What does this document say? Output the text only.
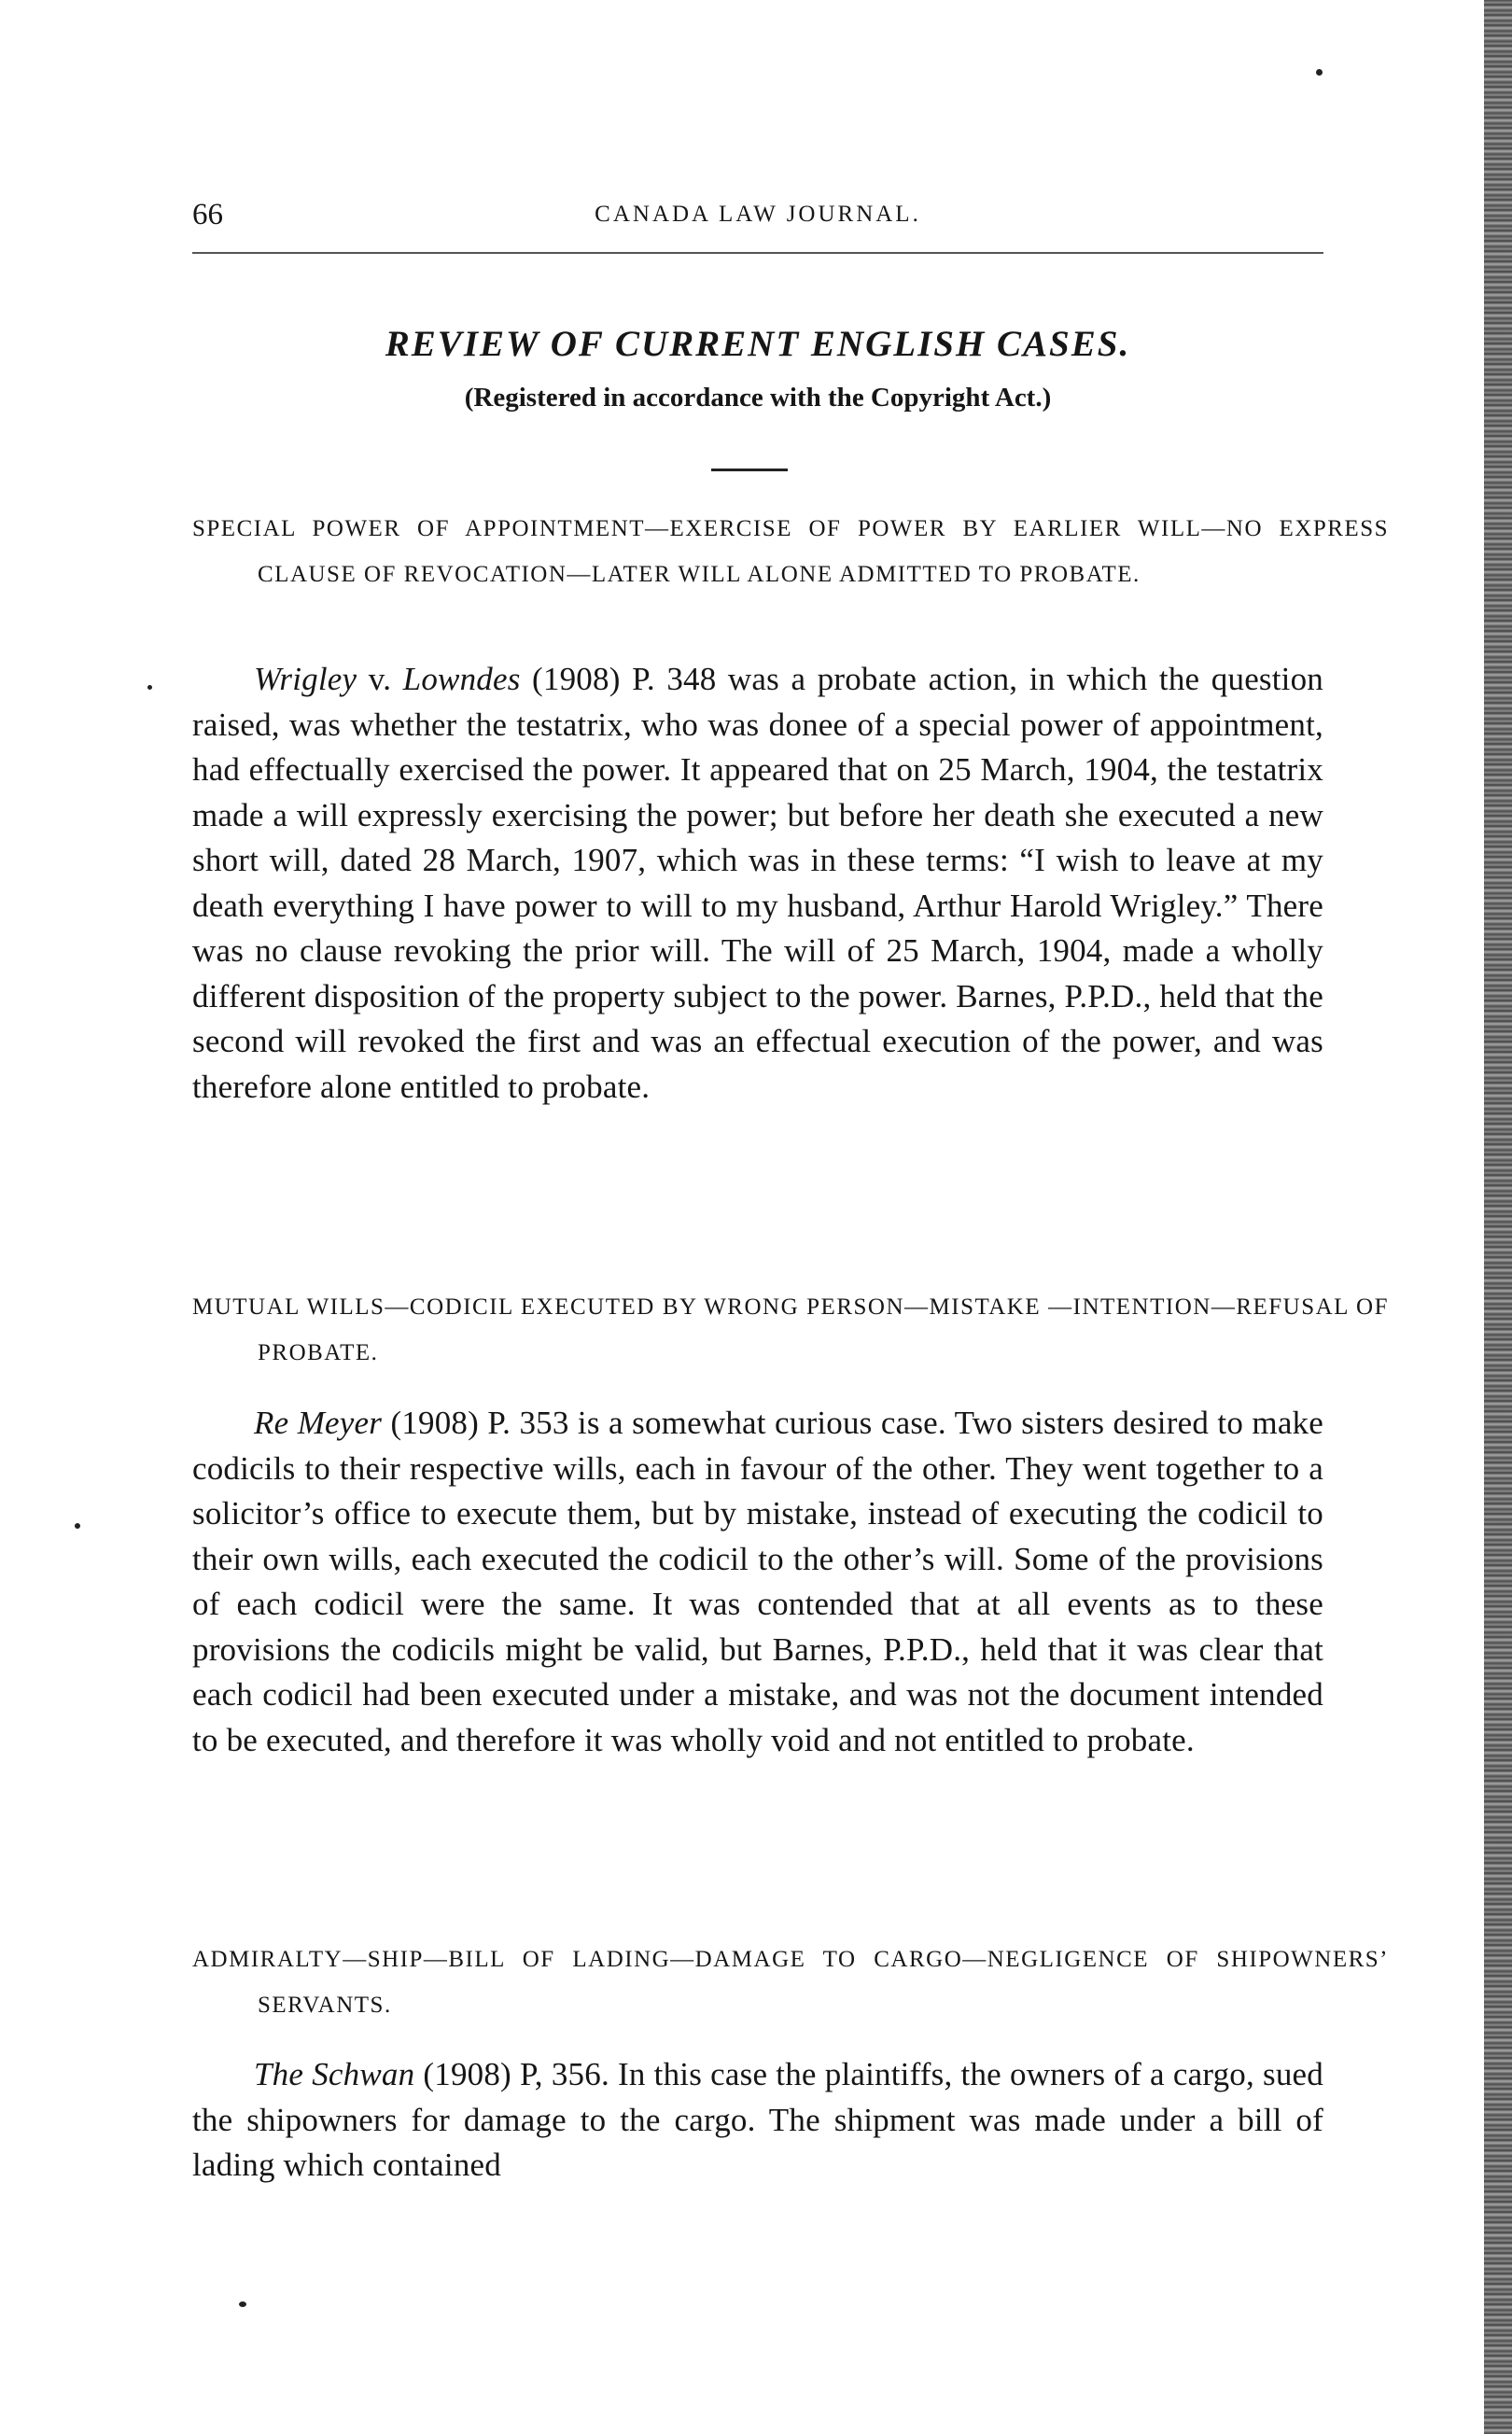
66	CANADA LAW JOURNAL.
REVIEW OF CURRENT ENGLISH CASES.
(Registered in accordance with the Copyright Act.)
SPECIAL POWER OF APPOINTMENT—EXERCISE OF POWER BY EARLIER WILL—NO EXPRESS CLAUSE OF REVOCATION—LATER WILL ALONE ADMITTED TO PROBATE.

Wrigley v. Lowndes (1908) P. 348 was a probate action, in which the question raised, was whether the testatrix, who was donee of a special power of appointment, had effectually exercised the power. It appeared that on 25 March, 1904, the testatrix made a will expressly exercising the power; but before her death she executed a new short will, dated 28 March, 1907, which was in these terms: “I wish to leave at my death everything I have power to will to my husband, Arthur Harold Wrigley.” There was no clause revoking the prior will. The will of 25 March, 1904, made a wholly different disposition of the property subject to the power. Barnes, P.P.D., held that the second will revoked the first and was an effectual execution of the power, and was therefore alone entitled to probate.

MUTUAL WILLS—CODICIL EXECUTED BY WRONG PERSON—MISTAKE —INTENTION—REFUSAL OF PROBATE.

Re Meyer (1908) P. 353 is a somewhat curious case. Two sisters desired to make codicils to their respective wills, each in favour of the other. They went together to a solicitor’s office to execute them, but by mistake, instead of executing the codicil to their own wills, each executed the codicil to the other’s will. Some of the provisions of each codicil were the same. It was contended that at all events as to these provisions the codicils might be valid, but Barnes, P.P.D., held that it was clear that each codicil had been executed under a mistake, and was not the document intended to be executed, and therefore it was wholly void and not entitled to probate.

ADMIRALTY—SHIP—BILL OF LADING—DAMAGE TO CARGO—NEGLIGENCE OF SHIPOWNERS’ SERVANTS.

The Schwan (1908) P, 356. In this case the plaintiffs, the owners of a cargo, sued the shipowners for damage to the cargo. The shipment was made under a bill of lading which contained
